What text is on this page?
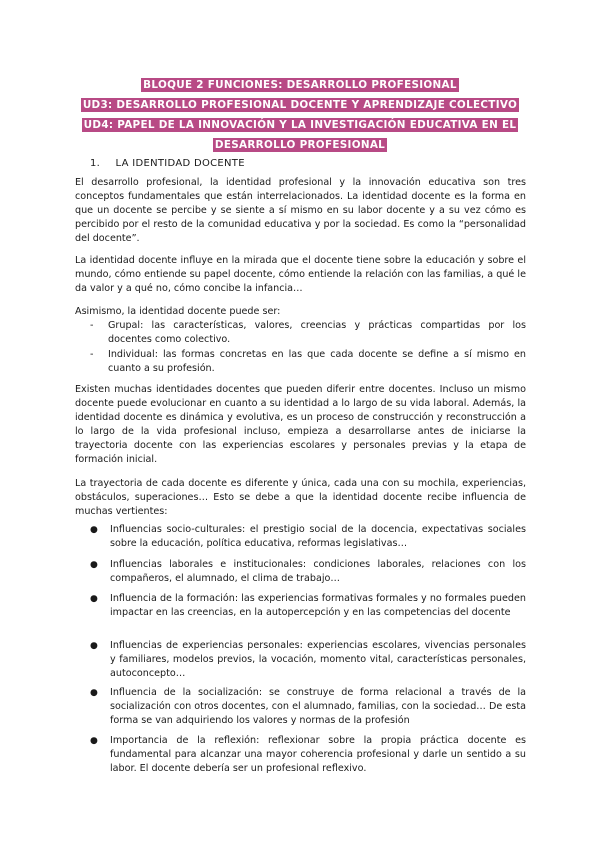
BLOQUE 2 FUNCIONES: DESARROLLO PROFESIONAL
UD3: DESARROLLO PROFESIONAL DOCENTE Y APRENDIZAJE COLECTIVO
UD4: PAPEL DE LA INNOVACIÓN Y LA INVESTIGACIÓN EDUCATIVA EN EL DESARROLLO PROFESIONAL
1. LA IDENTIDAD DOCENTE

El desarrollo profesional, la identidad profesional y la innovación educativa son tres conceptos fundamentales que están interrelacionados. La identidad docente es la forma en que un docente se percibe y se siente a sí mismo en su labor docente y a su vez cómo es percibido por el resto de la comunidad educativa y por la sociedad. Es como la “personalidad del docente”.

La identidad docente influye en la mirada que el docente tiene sobre la educación y sobre el mundo, cómo entiende su papel docente, cómo entiende la relación con las familias, a qué le da valor y a qué no, cómo concibe la infancia…

Asimismo, la identidad docente puede ser:

- Grupal: las características, valores, creencias y prácticas compartidas por los docentes como colectivo.
- Individual: las formas concretas en las que cada docente se define a sí mismo en cuanto a su profesión.

Existen muchas identidades docentes que pueden diferir entre docentes. Incluso un mismo docente puede evolucionar en cuanto a su identidad a lo largo de su vida laboral. Además, la identidad docente es dinámica y evolutiva, es un proceso de construcción y reconstrucción a lo largo de la vida profesional incluso, empieza a desarrollarse antes de iniciarse la trayectoria docente con las experiencias escolares y personales previas y la etapa de formación inicial.

La trayectoria de cada docente es diferente y única, cada una con su mochila, experiencias, obstáculos, superaciones… Esto se debe a que la identidad docente recibe influencia de muchas vertientes:

● Influencias socio-culturales: el prestigio social de la docencia, expectativas sociales sobre la educación, política educativa, reformas legislativas…
● Influencias laborales e institucionales: condiciones laborales, relaciones con los compañeros, el alumnado, el clima de trabajo…
● Influencia de la formación: las experiencias formativas formales y no formales pueden impactar en las creencias, en la autopercepción y en las competencias del docente
● Influencias de experiencias personales: experiencias escolares, vivencias personales y familiares, modelos previos, la vocación, momento vital, características personales, autoconcepto…
● Influencia de la socialización: se construye de forma relacional a través de la socialización con otros docentes, con el alumnado, familias, con la sociedad… De esta forma se van adquiriendo los valores y normas de la profesión
● Importancia de la reflexión: reflexionar sobre la propia práctica docente es fundamental para alcanzar una mayor coherencia profesional y darle un sentido a su labor. El docente debería ser un profesional reflexivo.
